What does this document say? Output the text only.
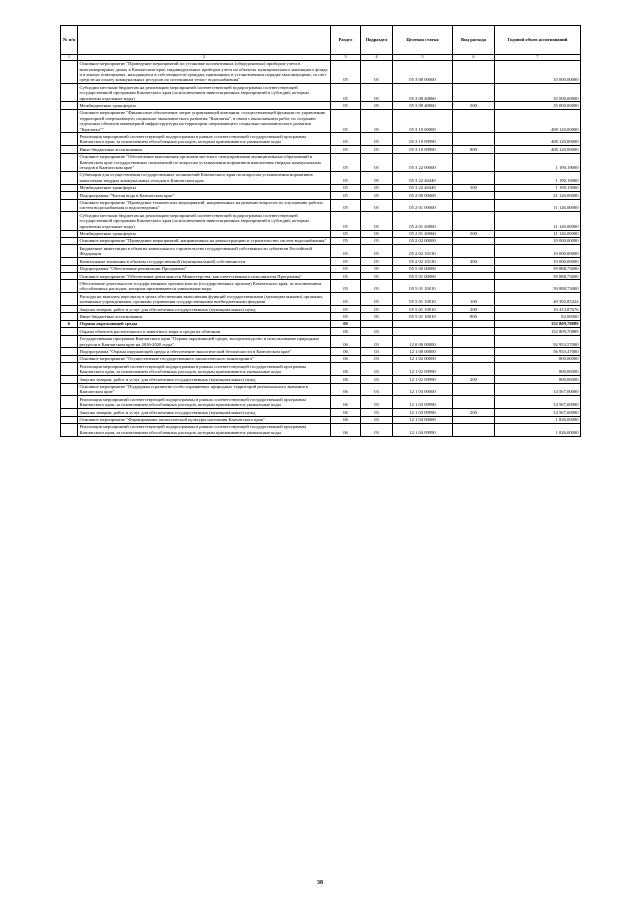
№ п/п		Раздел	Подраздел	Целевая статья	Вид расхода	Годовой объем ассигнований
1	2	3	4	5	6	7
	Основное мероприятие "Проведение мероприятий по установке коллективных (общедомовых) приборов учета в многоквартирных домах в Камчатском крае, индивидуальных приборов учета на объектах муниципального жилищного фонда и в жилых помещениях, находящихся в собственности граждан, признанных в установленном порядке малоимущими, за счет средств на оплату коммунальных ресурсов по источникам тепло- водоснабжения"	05	05	05 3 08 00000		35 000,00000
	Субсидии местным бюджетам на реализацию мероприятий соответствующей подпрограммы соответствующей государственной программы Камчатского края (за исключением инвестиционных мероприятий и субсидий, которым присвоены отдельные коды)	05	05	05 3 08 40060		35 000,00000
	Межбюджетные трансферты	05	05	05 3 08 40060	500	35 000,00000
	Основное мероприятие "Финансовое обеспечение затрат управляющей компании, осуществляющей функции по управлению территорией опережающего социально-экономического развития "Камчатка", в связи с выполнением работ по созданию отдельных объектов инженерной инфраструктуры на территории опережающего социально-экономического развития "Камчатка""	05	05	05 3 19 00000		408 120,00000
	Реализация мероприятий соответствующей подпрограммы в рамках соответствующей государственной программы Камчатского края, за исключением обособленных расходов, которым присваиваются уникальные коды	05	05	05 3 19 09990		408 120,00000
	Иные бюджетные ассигнования	05	05	05 3 19 09990	800	408 120,00000
	Основное мероприятие "Обеспечение выполнения органами местного самоуправления муниципальных образований в Камчатском крае государственных полномочий по вопросам установления нормативов накопления твердых коммунальных отходов в Камчатском крае"	05	05	05 3 22 00000		1 190,19000
	Субвенции для осуществления государственных полномочий Камчатского края по вопросам установления нормативов накопления твердых коммунальных отходов в Камчатском крае	05	05	05 3 22 40440		1 190,19000
	Межбюджетные трансферты	05	05	05 3 22 40440	500	1 190,19000
	Подпрограмма "Чистая вода в Камчатском крае"	05	05	05 2 00 00000		21 126,00000
	Основное мероприятие "Проведение технических мероприятий, направленных на решение вопросов по улучшению работы систем водоснабжения и водоотведения"	05	05	05 2 01 00000		11 126,00000
	Субсидии местным бюджетам на реализацию мероприятий соответствующей подпрограммы соответствующей государственной программы Камчатского края (за исключением инвестиционных мероприятий и субсидий, которым присвоены отдельные коды)	05	05	05 2 01 40060		11 126,00000
	Межбюджетные трансферты	05	05	05 2 01 40060	500	11 126,00000
	Основное мероприятие "Проведение мероприятий, направленных на реконструкцию и строительство систем водоснабжения"	05	05	05 2 02 00000		10 000,00000
	Бюджетные инвестиции в объекты капитального строительства государственной собственности субъектов Российской Федерации	05	05	05 2 02 10130		10 000,00000
	Капитальные вложения в объекты государственной (муниципальной) собственности	05	05	05 2 02 10130	400	10 000,00000
	Подпрограмма "Обеспечение реализации Программы"	05	05	05 5 00 00000		59 888,73000
	Основное мероприятие "Обеспечение деятельности Министерства, как ответственного исполнителя Программы"	05	05	05 5 01 00000		59 888,73000
	Обеспечение деятельности государственных органов власти (государственных органов) Камчатского края, за исключением обособленных расходов, которым присваиваются уникальные коды	05	05	05 5 01 10010		59 888,73000
	Расходы на выплаты персоналу в целях обеспечения выполнения функций государственными (муниципальными) органами, казенными учреждениями, органами управления государственными внебюджетными фондами	05	05	05 5 01 10010	100	49 392,85324
	Закупка товаров, работ и услуг для обеспечения государственных (муниципальных) нужд	05	05	05 5 01 10010	200	10 413,87676
	Иные бюджетные ассигнования	05	05	05 5 01 10010	800	82,00000
6	Охрана окружающей среды	06				152 809,70889
	Охрана объектов растительного и животного мира и среды их обитания	06	03			152 809,70889
	Государственная программа Камчатского края "Охрана окружающей среды, воспроизводство и использование природных ресурсов в Камчатском крае на 2016-2020 годы"	06	03	12 0 00 00000		92 953,57000
	Подпрограмма "Охрана окружающей среды и обеспечение экологической безопасности в Камчатском крае"	06	03	12 1 00 00000		56 933,47000
	Основное мероприятие "Осуществление государственного экологического мониторинга"	06	03	12 1 02 00000		800,00000
	Реализация мероприятий соответствующей подпрограммы в рамках соответствующей государственной программы Камчатского края, за исключением обособленных расходов, которым присваиваются уникальные коды	06	03	12 1 02 09990		800,00000
	Закупка товаров, работ и услуг для обеспечения государственных (муниципальных) нужд	06	03	12 1 02 09990	200	800,00000
	Основное мероприятие "Поддержка и развитие особо охраняемых природных территорий регионального значения в Камчатском крае"	06	03	12 1 03 00000		14 567,00000
	Реализация мероприятий соответствующей подпрограммы в рамках соответствующей государственной программы Камчатского края, за исключением обособленных расходов, которым присваиваются уникальные коды	06	03	12 1 03 09990		14 567,00000
	Закупка товаров, работ и услуг для обеспечения государственных (муниципальных) нужд	06	03	12 1 03 09990	200	14 567,00000
	Основное мероприятие "Формирование экологической культуры населения Камчатского края"	06	03	12 1 04 00000		1 826,00000
	Реализация мероприятий соответствующей подпрограммы в рамках соответствующей государственной программы Камчатского края, за исключением обособленных расходов, которым присваиваются уникальные коды	06	03	12 1 04 09990		1 826,00000
38
